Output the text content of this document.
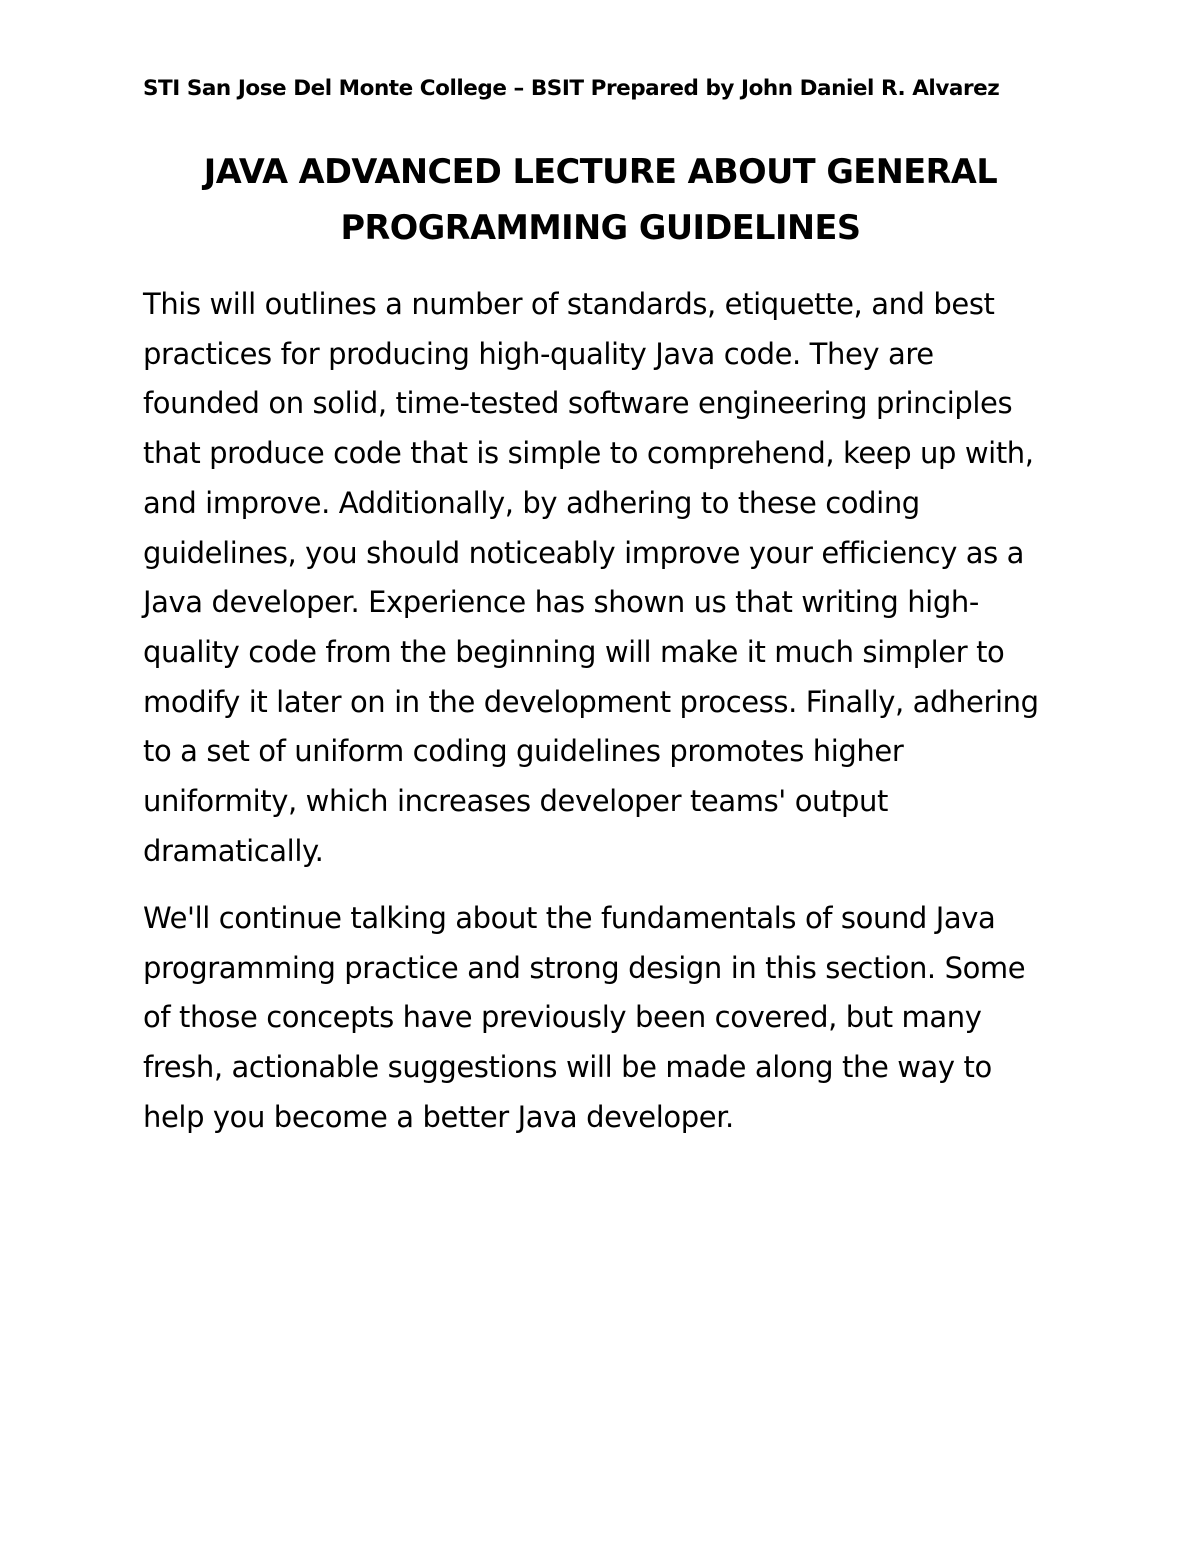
STI San Jose Del Monte College – BSIT Prepared by John Daniel R. Alvarez

JAVA ADVANCED LECTURE ABOUT GENERAL
PROGRAMMING GUIDELINES

This will outlines a number of standards, etiquette, and best
practices for producing high-quality Java code. They are
founded on solid, time-tested software engineering principles
that produce code that is simple to comprehend, keep up with,
and improve. Additionally, by adhering to these coding
guidelines, you should noticeably improve your efficiency as a
Java developer. Experience has shown us that writing high-
quality code from the beginning will make it much simpler to
modify it later on in the development process. Finally, adhering
to a set of uniform coding guidelines promotes higher
uniformity, which increases developer teams' output
dramatically.

We'll continue talking about the fundamentals of sound Java
programming practice and strong design in this section. Some
of those concepts have previously been covered, but many
fresh, actionable suggestions will be made along the way to
help you become a better Java developer.
